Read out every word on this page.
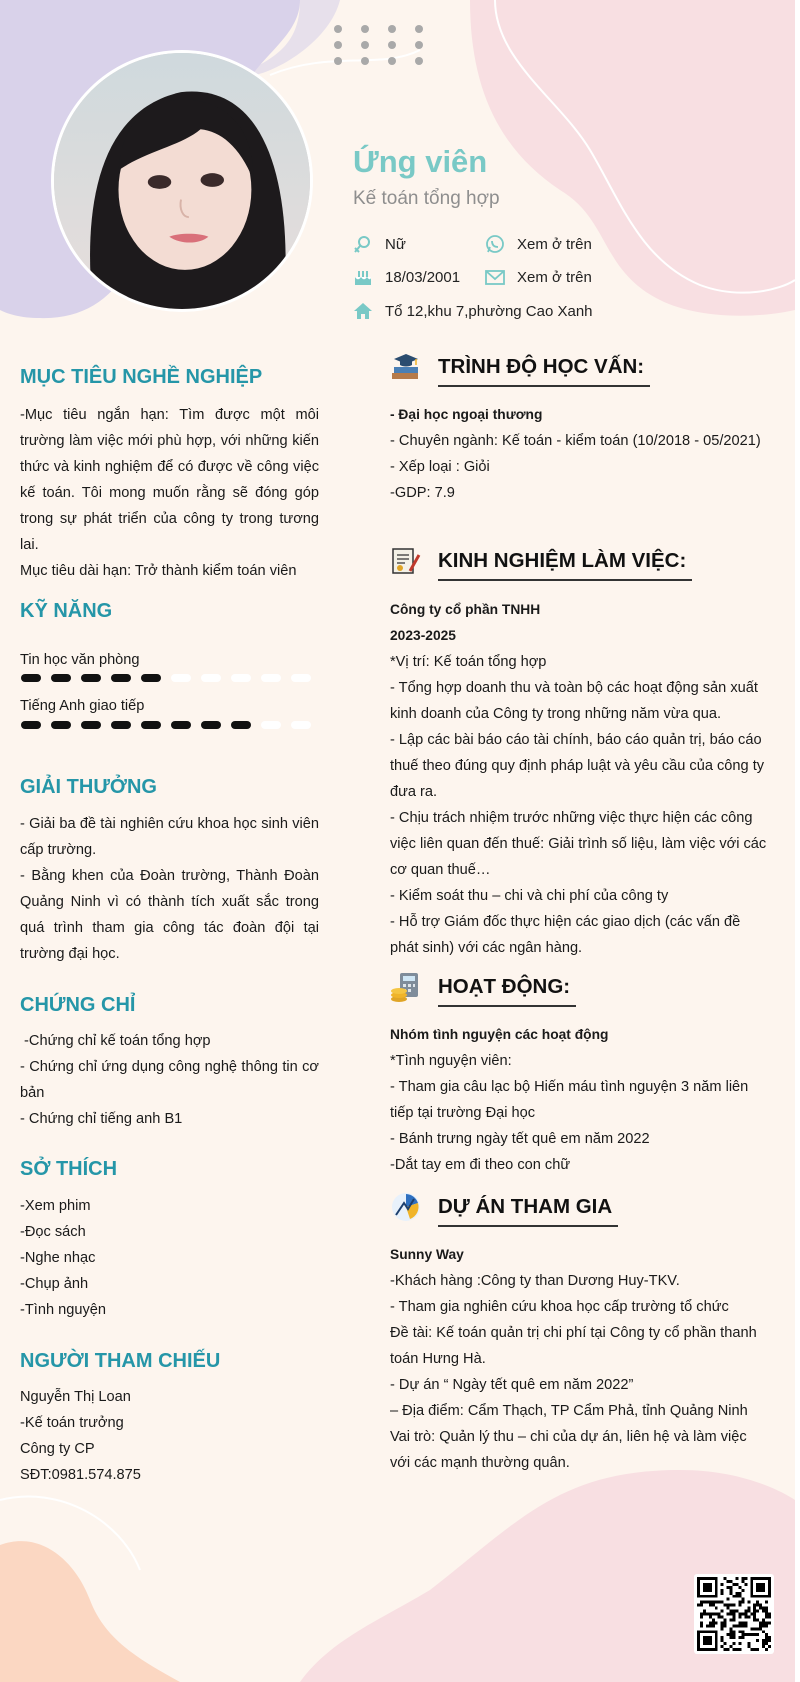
Ứng viên
Kế toán tổng hợp
Nữ	Xem ở trên
18/03/2001	Xem ở trên
Tổ 12,khu 7,phường Cao Xanh
MỤC TIÊU NGHỀ NGHIỆP

-Mục tiêu ngắn hạn: Tìm được một môi trường làm việc mới phù hợp, với những kiến thức và kinh nghiệm để có được về công việc kế toán. Tôi mong muốn rằng sẽ đóng góp trong sự phát triển của công ty trong tương lai.

Mục tiêu dài hạn: Trở thành kiểm toán viên

KỸ NĂNG
Tin học văn phòng
Tiếng Anh giao tiếp
GIẢI THƯỞNG

- Giải ba đề tài nghiên cứu khoa học sinh viên cấp trường.

- Bằng khen của Đoàn trường, Thành Đoàn Quảng Ninh vì có thành tích xuất sắc trong quá trình tham gia công tác đoàn đội tại trường đại học.

CHỨNG CHỈ

-Chứng chỉ kế toán tổng hợp

- Chứng chỉ ứng dụng công nghệ thông tin cơ bản

- Chứng chỉ tiếng anh B1

SỞ THÍCH

-Xem phim

-Đọc sách

-Nghe nhạc

-Chụp ảnh

-Tình nguyện

NGƯỜI THAM CHIẾU

Nguyễn Thị Loan

-Kế toán trưởng

Công ty CP

SĐT:0981.574.875

TRÌNH ĐỘ HỌC VẤN:

- Đại học ngoại thương

- Chuyên ngành: Kế toán - kiểm toán (10/2018 - 05/2021)

- Xếp loại : Giỏi

-GDP: 7.9

KINH NGHIỆM LÀM VIỆC:

Công ty cổ phần TNHH

2023-2025

*Vị trí: Kế toán tổng hợp

- Tổng hợp doanh thu và toàn bộ các hoạt động sản xuất kinh doanh của Công ty trong những năm vừa qua.

- Lập các bài báo cáo tài chính, báo cáo quản trị, báo cáo thuế theo đúng quy định pháp luật và yêu cầu của công ty đưa ra.

- Chịu trách nhiệm trước những việc thực hiện các công việc liên quan đến thuế: Giải trình số liệu, làm việc với các cơ quan thuế…

- Kiểm soát thu – chi và chi phí của công ty

- Hỗ trợ Giám đốc thực hiện các giao dịch (các vấn đề phát sinh) với các ngân hàng.

HOẠT ĐỘNG:

Nhóm tình nguyện các hoạt động

*Tình nguyện viên:

- Tham gia câu lạc bộ Hiến máu tình nguyện 3 năm liên tiếp tại trường Đại học

- Bánh trưng ngày tết quê em năm 2022

-Dắt tay em đi theo con chữ

DỰ ÁN THAM GIA

Sunny Way

-Khách hàng :Công ty than Dương Huy-TKV.

- Tham gia nghiên cứu khoa học cấp trường tổ chức

Đề tài: Kế toán quản trị chi phí tại Công ty cổ phần thanh toán Hưng Hà.

- Dự án “ Ngày tết quê em năm 2022”

– Địa điểm: Cẩm Thạch, TP Cẩm Phả, tỉnh Quảng Ninh

Vai trò: Quản lý thu – chi của dự án, liên hệ và làm việc với các mạnh thường quân.
